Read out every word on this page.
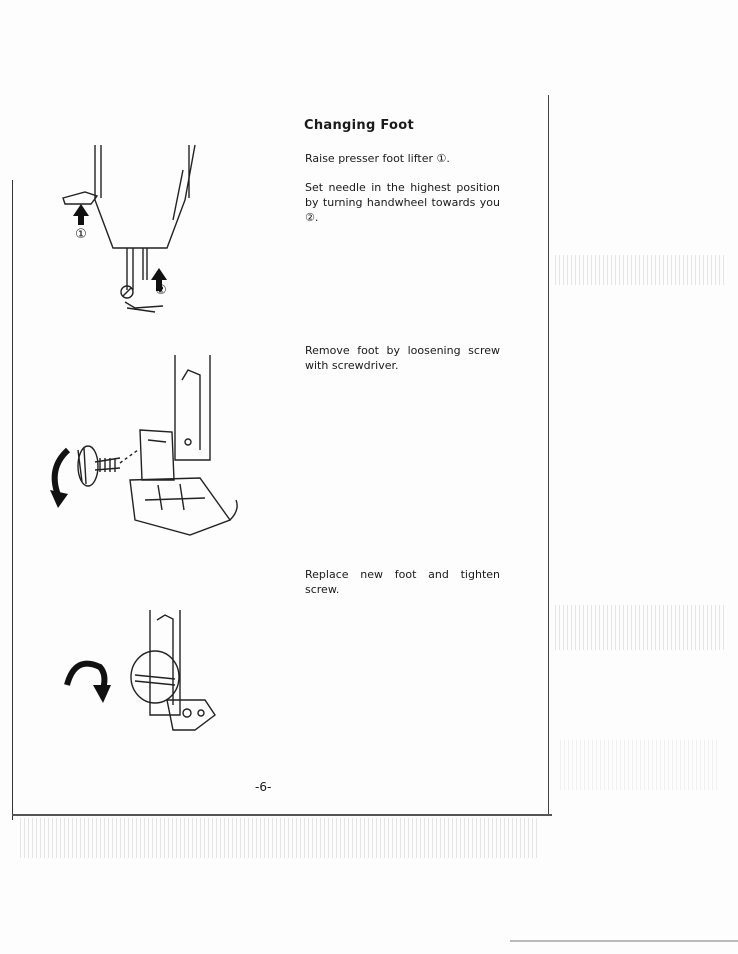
Changing Foot

Raise presser foot lifter ①.

Set needle in the highest position by turning handwheel towards you ②.

Remove foot by loosening screw with screwdriver.

Replace new foot and tighten screw.

①
②

-6-
